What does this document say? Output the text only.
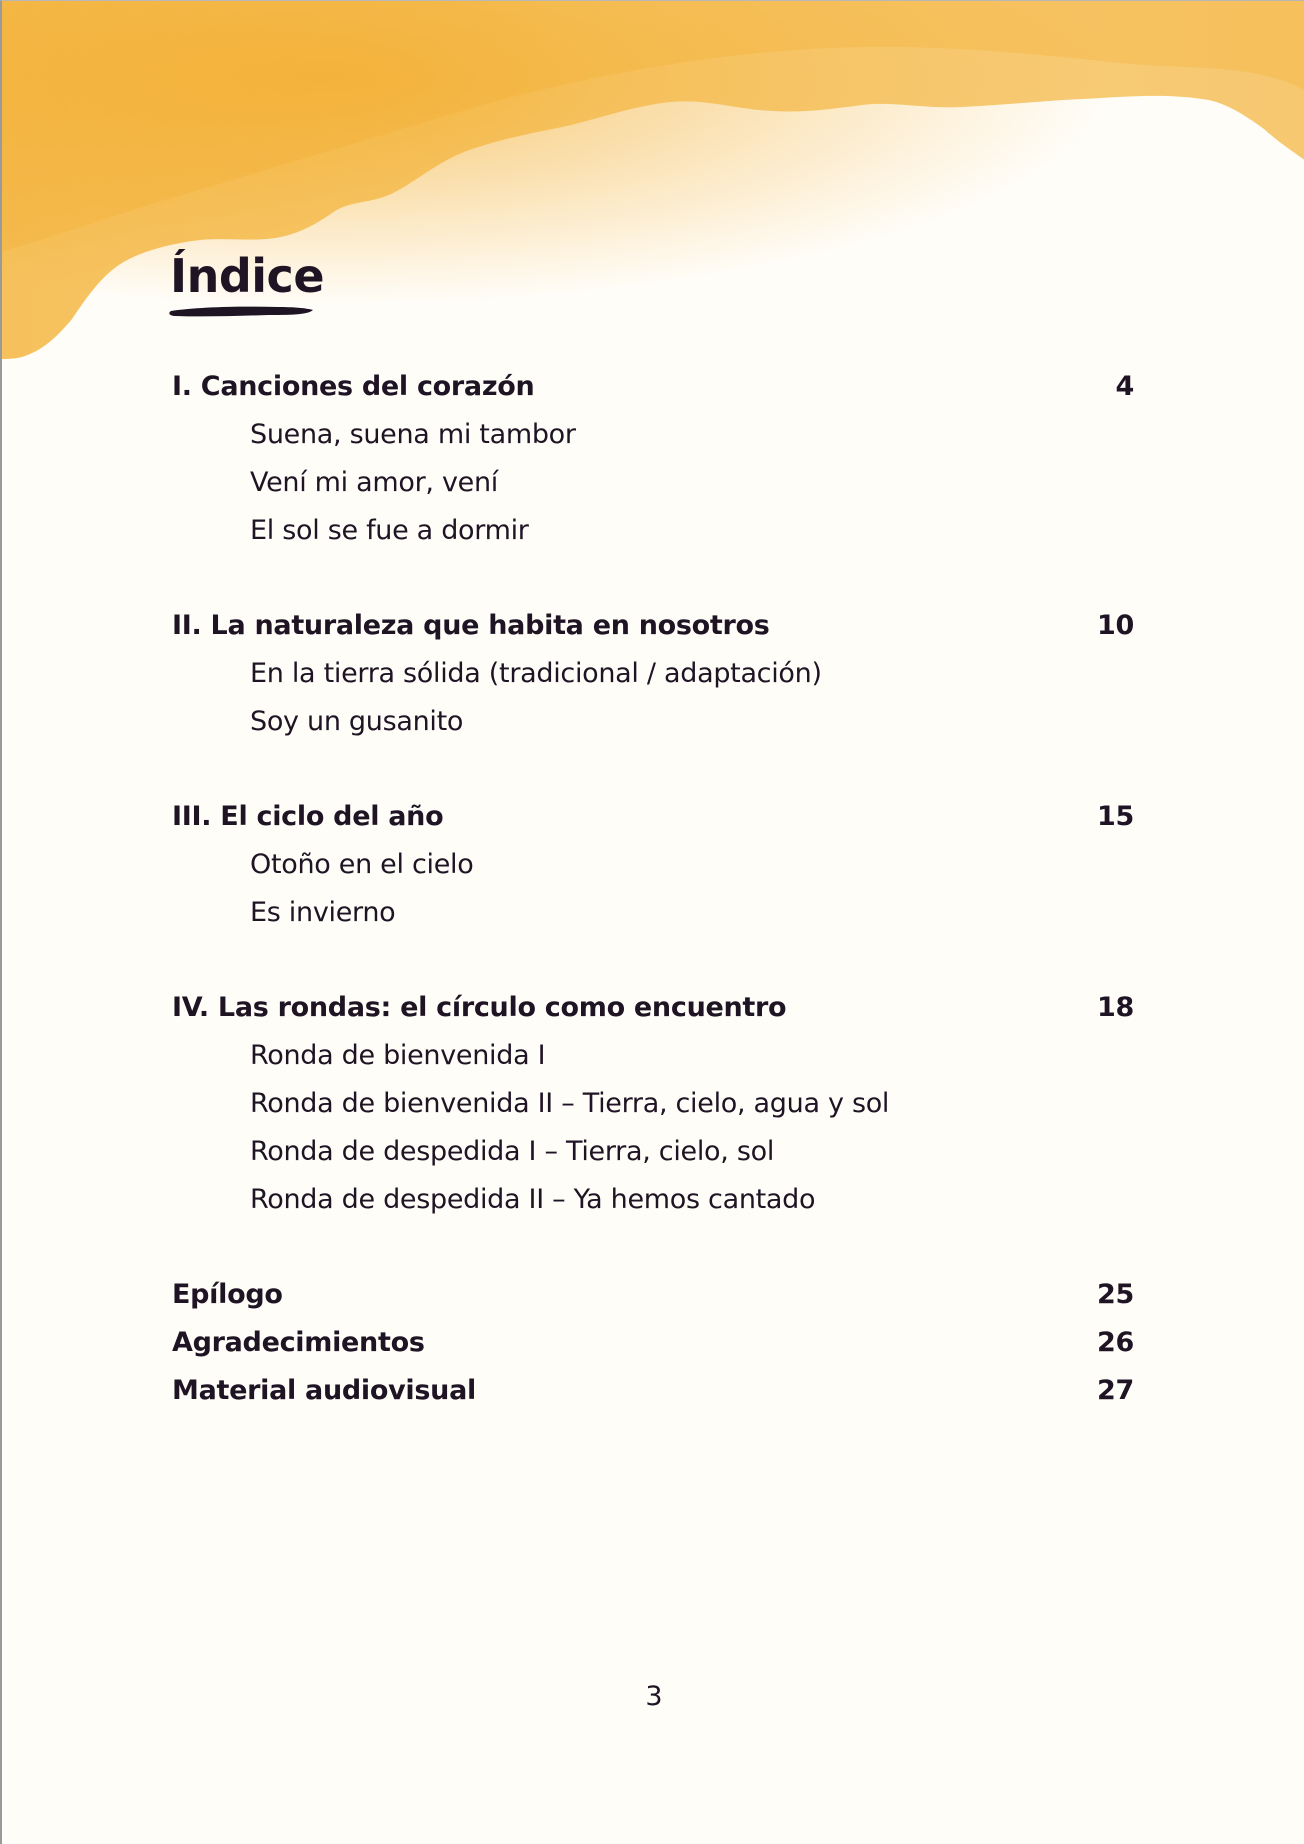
Índice
I. Canciones del corazón	4
Suena, suena mi tambor
Vení mi amor, vení
El sol se fue a dormir
II. La naturaleza que habita en nosotros	10
En la tierra sólida (tradicional / adaptación)
Soy un gusanito
III. El ciclo del año	15
Otoño en el cielo
Es invierno
IV. Las rondas: el círculo como encuentro	18
Ronda de bienvenida I
Ronda de bienvenida II – Tierra, cielo, agua y sol
Ronda de despedida I – Tierra, cielo, sol
Ronda de despedida II – Ya hemos cantado
Epílogo	25
Agradecimientos	26
Material audiovisual	27
3
